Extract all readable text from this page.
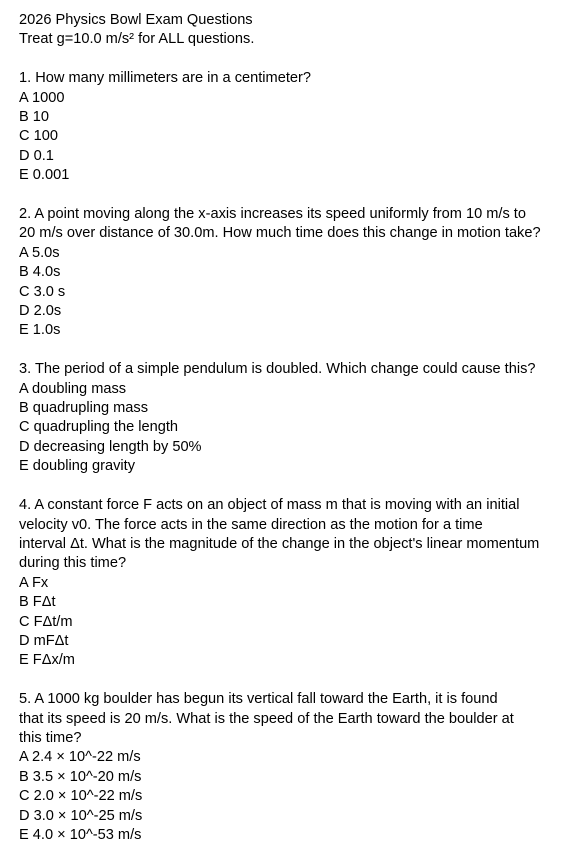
2026 Physics Bowl Exam Questions
Treat g=10.0 m/s² for ALL questions.
1. How many millimeters are in a centimeter?
A 1000
B 10
C 100
D 0.1
E 0.001
2. A point moving along the x-axis increases its speed uniformly from 10 m/s to
20 m/s over distance of 30.0m. How much time does this change in motion take?
A 5.0s
B 4.0s
C 3.0 s
D 2.0s
E 1.0s
3. The period of a simple pendulum is doubled. Which change could cause this?
A doubling mass
B quadrupling mass
C quadrupling the length
D decreasing length by 50%
E doubling gravity
4. A constant force F acts on an object of mass m that is moving with an initial
velocity v0. The force acts in the same direction as the motion for a time
interval Δt. What is the magnitude of the change in the object's linear momentum
during this time?
A Fx
B FΔt
C FΔt/m
D mFΔt
E FΔx/m
5. A 1000 kg boulder has begun its vertical fall toward the Earth, it is found
that its speed is 20 m/s. What is the speed of the Earth toward the boulder at
this time?
A 2.4 × 10^-22 m/s
B 3.5 × 10^-20 m/s
C 2.0 × 10^-22 m/s
D 3.0 × 10^-25 m/s
E 4.0 × 10^-53 m/s
